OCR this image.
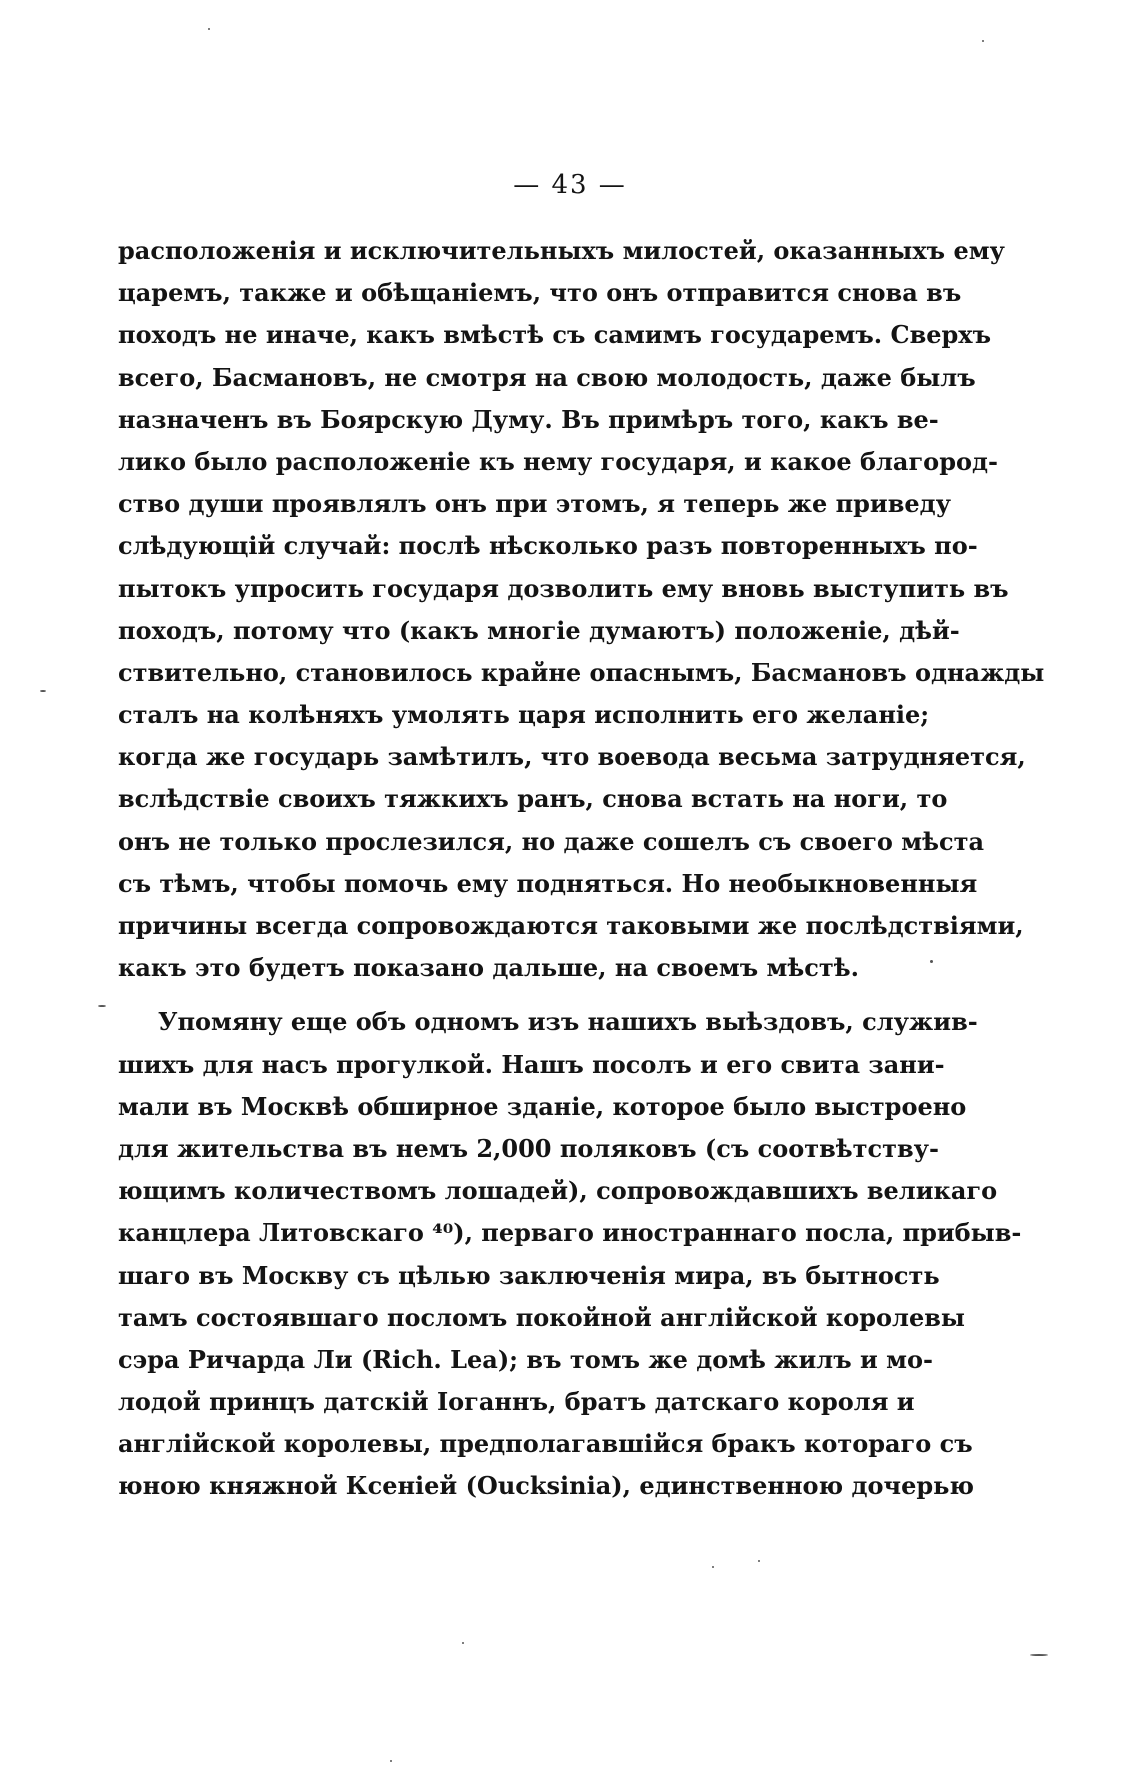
— 43 —
расположенія и исключительныхъ милостей, оказанныхъ ему
царемъ, также и обѣщаніемъ, что онъ отправится снова въ
походъ не иначе, какъ вмѣстѣ съ самимъ государемъ. Сверхъ
всего, Басмановъ, не смотря на свою молодость, даже былъ
назначенъ въ Боярскую Думу. Въ примѣръ того, какъ ве-
лико было расположеніе къ нему государя, и какое благород-
ство души проявлялъ онъ при этомъ, я теперь же приведу
слѣдующій случай: послѣ нѣсколько разъ повторенныхъ по-
пытокъ упросить государя дозволить ему вновь выступить въ
походъ, потому что (какъ многіе думаютъ) положеніе, дѣй-
ствительно, становилось крайне опаснымъ, Басмановъ однажды
сталъ на колѣняхъ умолять царя исполнить его желаніе;
когда же государь замѣтилъ, что воевода весьма затрудняется,
вслѣдствіе своихъ тяжкихъ ранъ, снова встать на ноги, то
онъ не только прослезился, но даже сошелъ съ своего мѣста
съ тѣмъ, чтобы помочь ему подняться. Но необыкновенныя
причины всегда сопровождаются таковыми же послѣдствіями,
какъ это будетъ показано дальше, на своемъ мѣстѣ.
Упомяну еще объ одномъ изъ нашихъ выѣздовъ, служив-
шихъ для насъ прогулкой. Нашъ посолъ и его свита зани-
мали въ Москвѣ обширное зданіе, которое было выстроено
для жительства въ немъ 2,000 поляковъ (съ соотвѣтству-
ющимъ количествомъ лошадей), сопровождавшихъ великаго
канцлера Литовскаго ⁴⁰), перваго иностраннаго посла, прибыв-
шаго въ Москву съ цѣлью заключенія мира, въ бытность
тамъ состоявшаго посломъ покойной англійской королевы
сэра Ричарда Ли (Rich. Lea); въ томъ же домѣ жилъ и мо-
лодой принцъ датскій Іоганнъ, братъ датскаго короля и
англійской королевы, предполагавшійся бракъ котораго съ
юною княжной Ксеніей (Oucksinia), единственною дочерью
